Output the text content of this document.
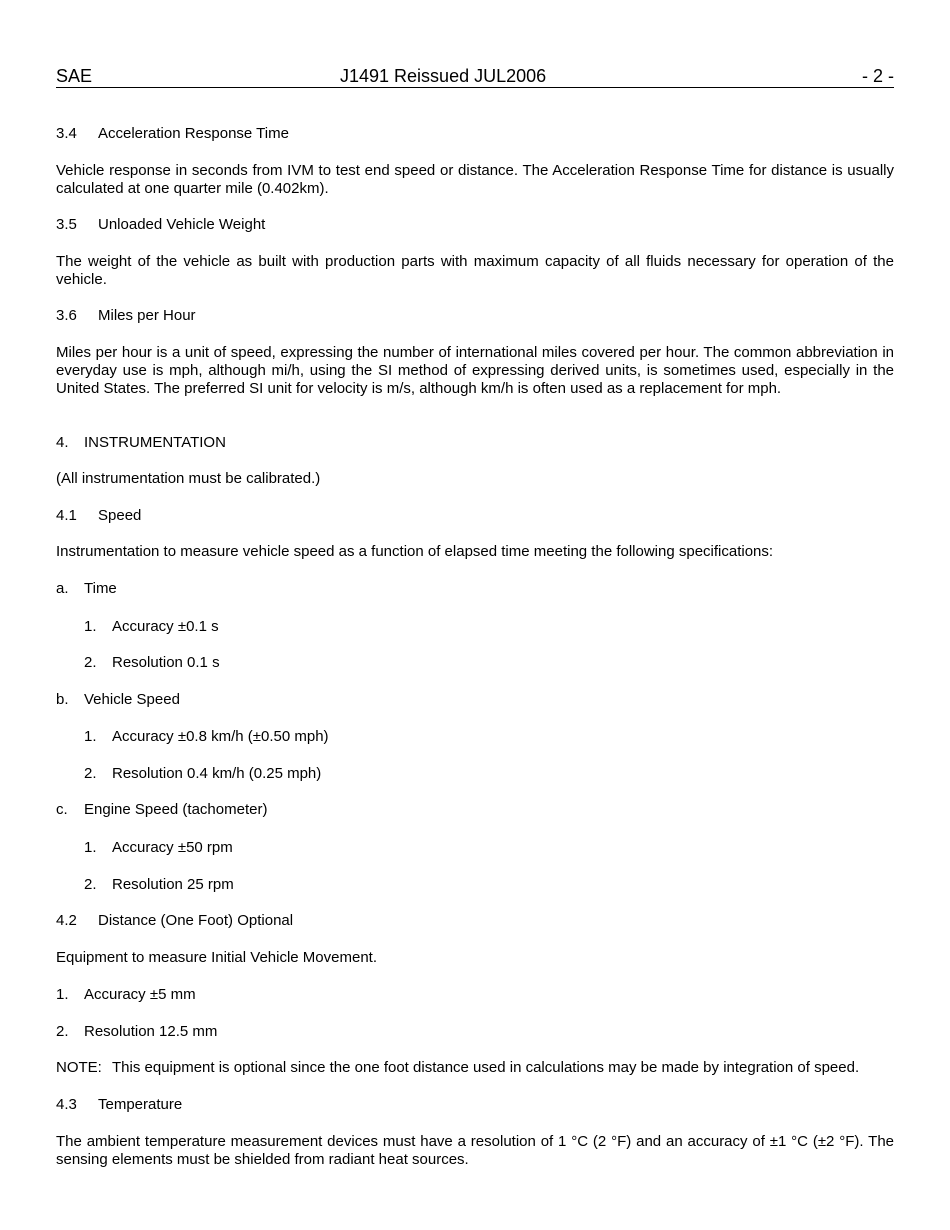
SAE	J1491 Reissued JUL2006	- 2 -
3.4 Acceleration Response Time
Vehicle response in seconds from IVM to test end speed or distance. The Acceleration Response Time for distance is usually calculated at one quarter mile (0.402km).
3.5 Unloaded Vehicle Weight
The weight of the vehicle as built with production parts with maximum capacity of all fluids necessary for operation of the vehicle.
3.6 Miles per Hour
Miles per hour is a unit of speed, expressing the number of international miles covered per hour. The common abbreviation in everyday use is mph, although mi/h, using the SI method of expressing derived units, is sometimes used, especially in the United States. The preferred SI unit for velocity is m/s, although km/h is often used as a replacement for mph.
4. INSTRUMENTATION
(All instrumentation must be calibrated.)
4.1 Speed
Instrumentation to measure vehicle speed as a function of elapsed time meeting the following specifications:
a. Time
1. Accuracy ±0.1 s
2. Resolution 0.1 s
b. Vehicle Speed
1. Accuracy ±0.8 km/h (±0.50 mph)
2. Resolution 0.4 km/h (0.25 mph)
c. Engine Speed (tachometer)
1. Accuracy ±50 rpm
2. Resolution 25 rpm
4.2 Distance (One Foot) Optional
Equipment to measure Initial Vehicle Movement.
1. Accuracy ±5 mm
2. Resolution 12.5 mm
NOTE: This equipment is optional since the one foot distance used in calculations may be made by integration of speed.
4.3 Temperature
The ambient temperature measurement devices must have a resolution of 1 °C (2 °F) and an accuracy of ±1 °C (±2 °F). The sensing elements must be shielded from radiant heat sources.
